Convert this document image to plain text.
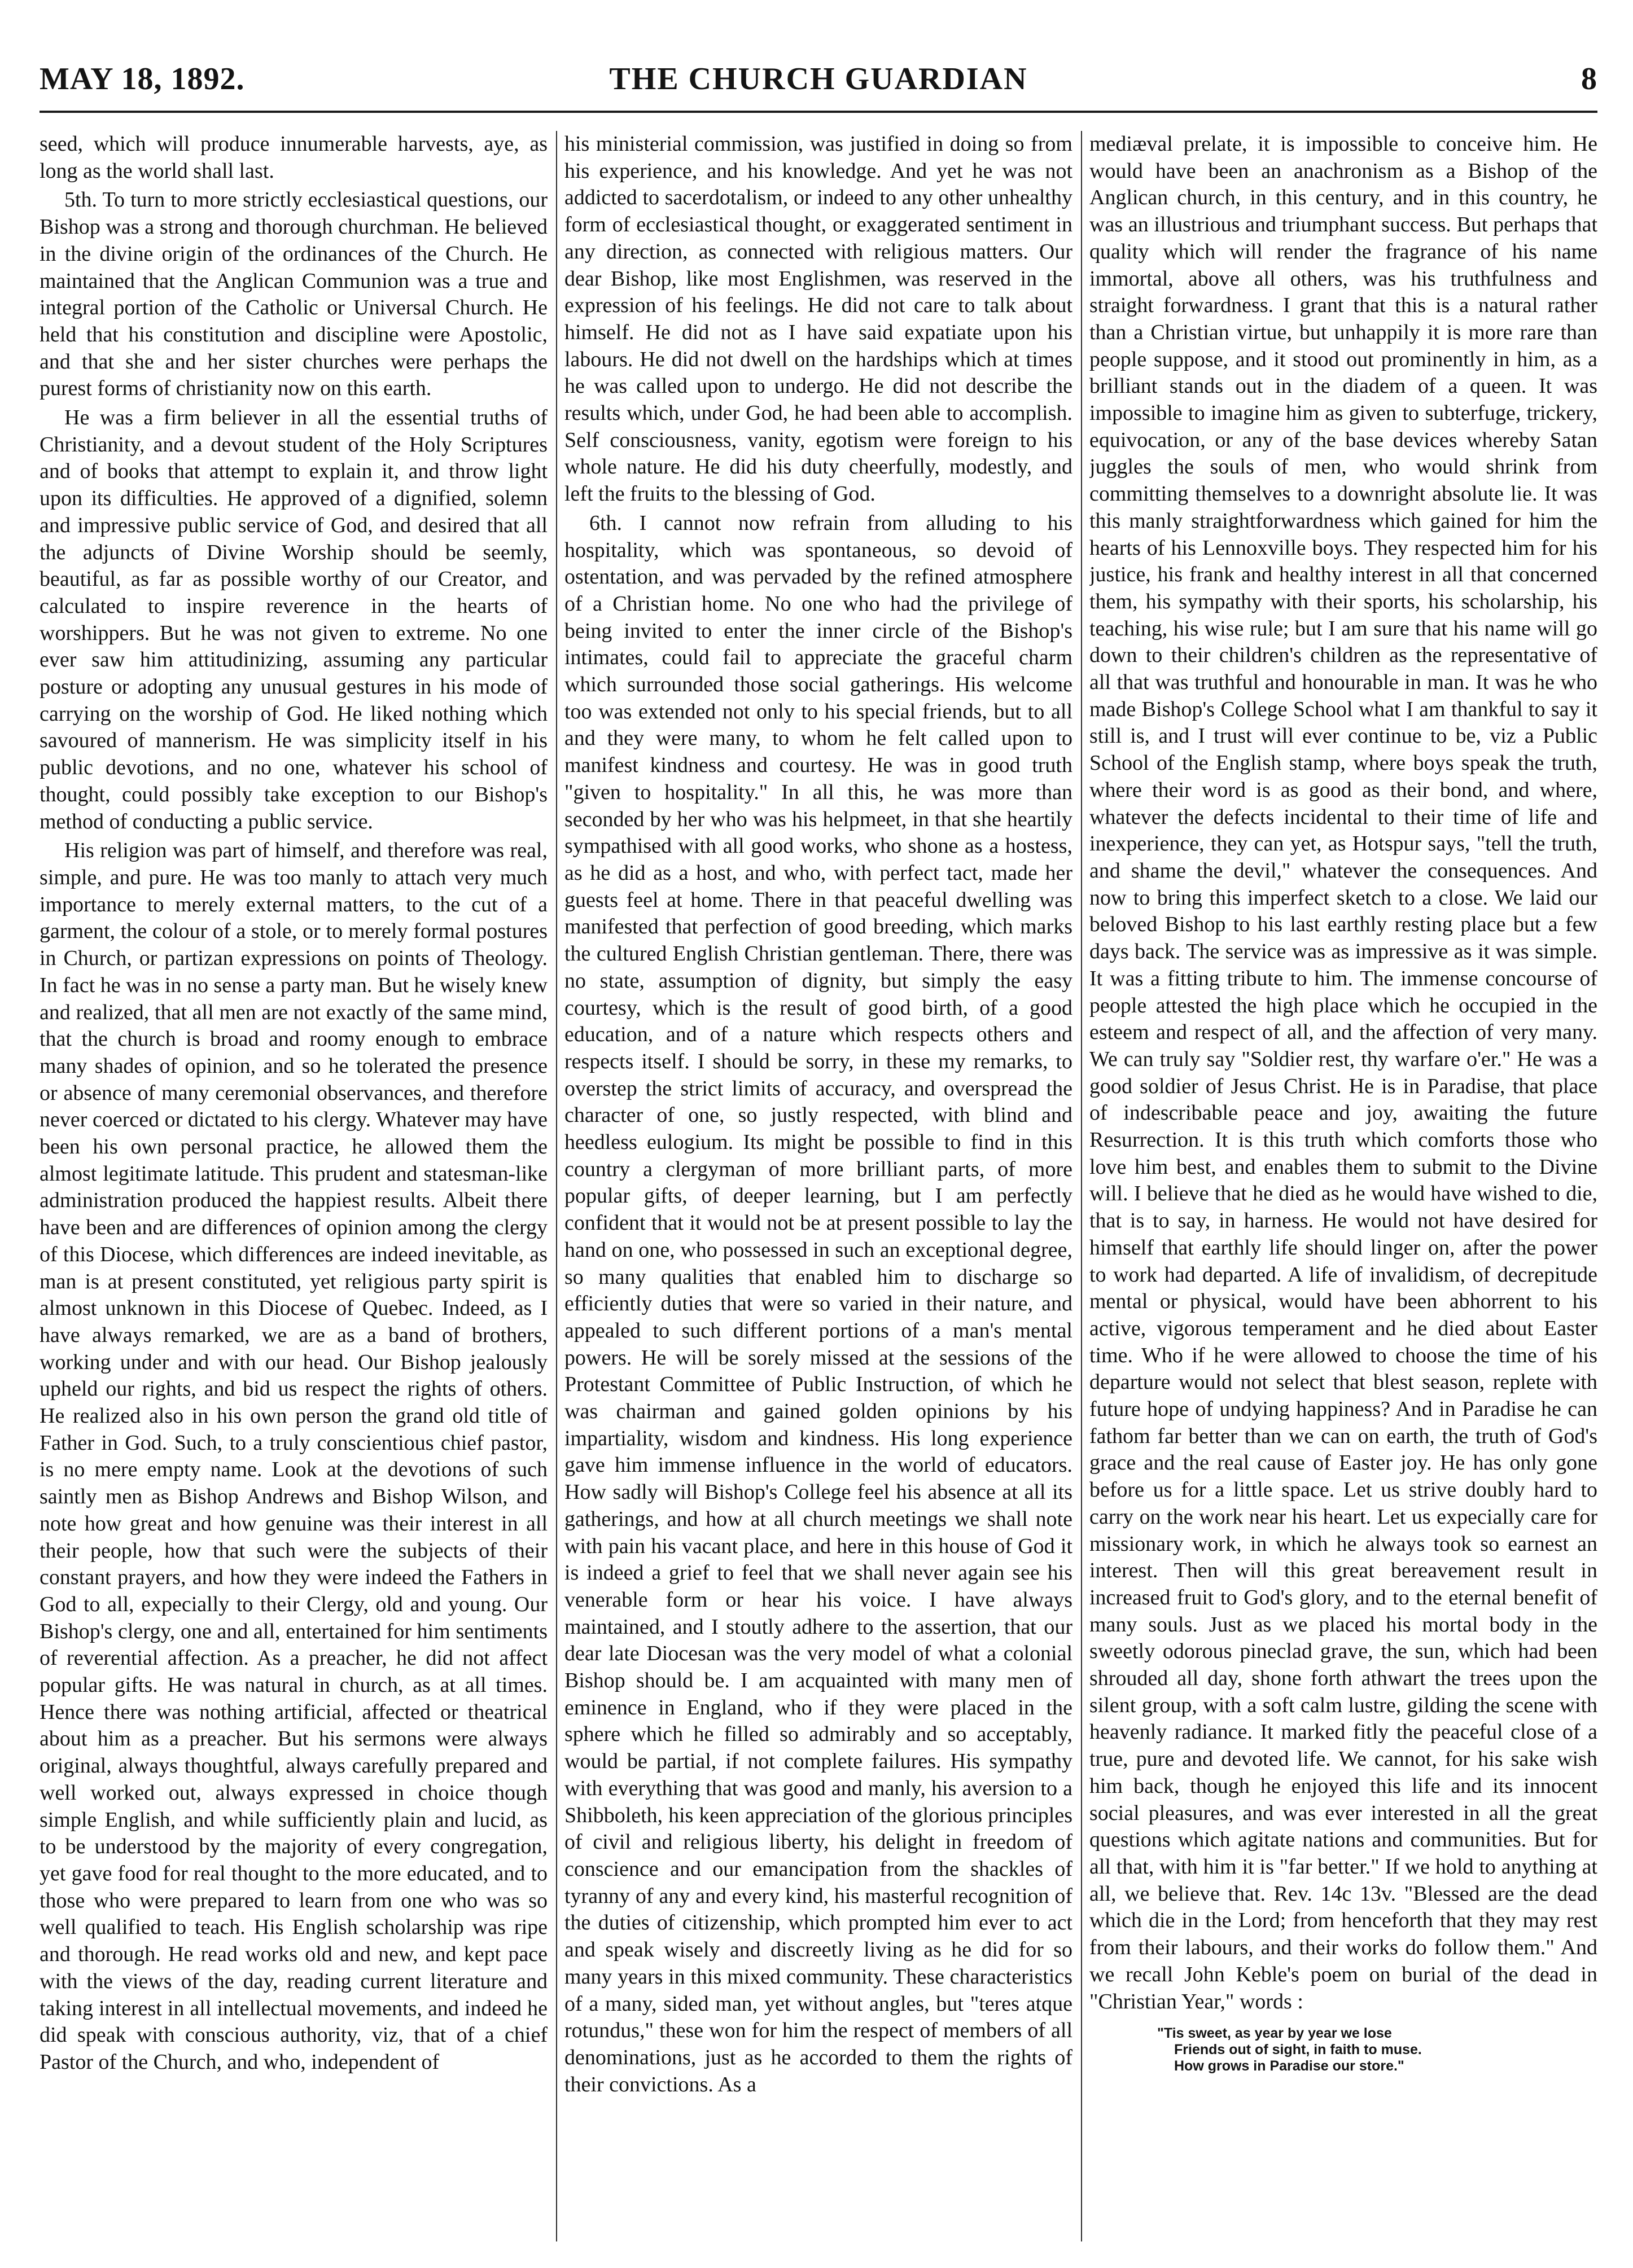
THE CHURCH GUARDIAN
MAY 18, 1892.	8

seed, which will produce innumerable harvests, aye, as long as the world shall last.

5th. To turn to more strictly ecclesiastical questions, our Bishop was a strong and thorough churchman. He believed in the divine origin of the ordinances of the Church. He maintained that the Anglican Communion was a true and integral portion of the Catholic or Universal Church. He held that his constitution and discipline were Apostolic, and that she and her sister churches were perhaps the purest forms of christianity now on this earth.

He was a firm believer in all the essential truths of Christianity, and a devout student of the Holy Scriptures and of books that attempt to explain it, and throw light upon its difficulties. He approved of a dignified, solemn and impressive public service of God, and desired that all the adjuncts of Divine Worship should be seemly, beautiful, as far as possible worthy of our Creator, and calculated to inspire reverence in the hearts of worshippers. But he was not given to extreme. No one ever saw him attitudinizing, assuming any particular posture or adopting any unusual gestures in his mode of carrying on the worship of God. He liked nothing which savoured of mannerism. He was simplicity itself in his public devotions, and no one, whatever his school of thought, could possibly take exception to our Bishop's method of conducting a public service.

His religion was part of himself, and therefore was real, simple, and pure. He was too manly to attach very much importance to merely external matters, to the cut of a garment, the colour of a stole, or to merely formal postures in Church, or partizan expressions on points of Theology. In fact he was in no sense a party man. But he wisely knew and realized, that all men are not exactly of the same mind, that the church is broad and roomy enough to embrace many shades of opinion, and so he tolerated the presence or absence of many ceremonial observances, and therefore never coerced or dictated to his clergy. Whatever may have been his own personal practice, he allowed them the almost legitimate latitude. This prudent and statesman-like administration produced the happiest results. Albeit there have been and are differences of opinion among the clergy of this Diocese, which differences are indeed inevitable, as man is at present constituted, yet religious party spirit is almost unknown in this Diocese of Quebec. Indeed, as I have always remarked, we are as a band of brothers, working under and with our head. Our Bishop jealously upheld our rights, and bid us respect the rights of others. He realized also in his own person the grand old title of Father in God. Such, to a truly conscientious chief pastor, is no mere empty name. Look at the devotions of such saintly men as Bishop Andrews and Bishop Wilson, and note how great and how genuine was their interest in all their people, how that such were the subjects of their constant prayers, and how they were indeed the Fathers in God to all, expecially to their Clergy, old and young. Our Bishop's clergy, one and all, entertained for him sentiments of reverential affection. As a preacher, he did not affect popular gifts. He was natural in church, as at all times. Hence there was nothing artificial, affected or theatrical about him as a preacher. But his sermons were always original, always thoughtful, always carefully prepared and well worked out, always expressed in choice though simple English, and while sufficiently plain and lucid, as to be understood by the majority of every congregation, yet gave food for real thought to the more educated, and to those who were prepared to learn from one who was so well qualified to teach. His English scholarship was ripe and thorough. He read works old and new, and kept pace with the views of the day, reading current literature and taking interest in all intellectual movements, and indeed he did speak with conscious authority, viz, that of a chief Pastor of the Church, and who, independent of

his ministerial commission, was justified in doing so from his experience, and his knowledge. And yet he was not addicted to sacerdotalism, or indeed to any other unhealthy form of ecclesiastical thought, or exaggerated sentiment in any direction, as connected with religious matters. Our dear Bishop, like most Englishmen, was reserved in the expression of his feelings. He did not care to talk about himself. He did not as I have said expatiate upon his labours. He did not dwell on the hardships which at times he was called upon to undergo. He did not describe the results which, under God, he had been able to accomplish. Self consciousness, vanity, egotism were foreign to his whole nature. He did his duty cheerfully, modestly, and left the fruits to the blessing of God.

6th. I cannot now refrain from alluding to his hospitality, which was spontaneous, so devoid of ostentation, and was pervaded by the refined atmosphere of a Christian home. No one who had the privilege of being invited to enter the inner circle of the Bishop's intimates, could fail to appreciate the graceful charm which surrounded those social gatherings. His welcome too was extended not only to his special friends, but to all and they were many, to whom he felt called upon to manifest kindness and courtesy. He was in good truth "given to hospitality." In all this, he was more than seconded by her who was his helpmeet, in that she heartily sympathised with all good works, who shone as a hostess, as he did as a host, and who, with perfect tact, made her guests feel at home. There in that peaceful dwelling was manifested that perfection of good breeding, which marks the cultured English Christian gentleman. There, there was no state, assumption of dignity, but simply the easy courtesy, which is the result of good birth, of a good education, and of a nature which respects others and respects itself. I should be sorry, in these my remarks, to overstep the strict limits of accuracy, and overspread the character of one, so justly respected, with blind and heedless eulogium. Its might be possible to find in this country a clergyman of more brilliant parts, of more popular gifts, of deeper learning, but I am perfectly confident that it would not be at present possible to lay the hand on one, who possessed in such an exceptional degree, so many qualities that enabled him to discharge so efficiently duties that were so varied in their nature, and appealed to such different portions of a man's mental powers. He will be sorely missed at the sessions of the Protestant Committee of Public Instruction, of which he was chairman and gained golden opinions by his impartiality, wisdom and kindness. His long experience gave him immense influence in the world of educators. How sadly will Bishop's College feel his absence at all its gatherings, and how at all church meetings we shall note with pain his vacant place, and here in this house of God it is indeed a grief to feel that we shall never again see his venerable form or hear his voice. I have always maintained, and I stoutly adhere to the assertion, that our dear late Diocesan was the very model of what a colonial Bishop should be. I am acquainted with many men of eminence in England, who if they were placed in the sphere which he filled so admirably and so acceptably, would be partial, if not complete failures. His sympathy with everything that was good and manly, his aversion to a Shibboleth, his keen appreciation of the glorious principles of civil and religious liberty, his delight in freedom of conscience and our emancipation from the shackles of tyranny of any and every kind, his masterful recognition of the duties of citizenship, which prompted him ever to act and speak wisely and discreetly living as he did for so many years in this mixed community. These characteristics of a many, sided man, yet without angles, but "teres atque rotundus," these won for him the respect of members of all denominations, just as he accorded to them the rights of their convictions. As a

mediæval prelate, it is impossible to conceive him. He would have been an anachronism as a Bishop of the Anglican church, in this century, and in this country, he was an illustrious and triumphant success. But perhaps that quality which will render the fragrance of his name immortal, above all others, was his truthfulness and straight forwardness. I grant that this is a natural rather than a Christian virtue, but unhappily it is more rare than people suppose, and it stood out prominently in him, as a brilliant stands out in the diadem of a queen. It was impossible to imagine him as given to subterfuge, trickery, equivocation, or any of the base devices whereby Satan juggles the souls of men, who would shrink from committing themselves to a downright absolute lie. It was this manly straightforwardness which gained for him the hearts of his Lennoxville boys. They respected him for his justice, his frank and healthy interest in all that concerned them, his sympathy with their sports, his scholarship, his teaching, his wise rule; but I am sure that his name will go down to their children's children as the representative of all that was truthful and honourable in man. It was he who made Bishop's College School what I am thankful to say it still is, and I trust will ever continue to be, viz a Public School of the English stamp, where boys speak the truth, where their word is as good as their bond, and where, whatever the defects incidental to their time of life and inexperience, they can yet, as Hotspur says, "tell the truth, and shame the devil," whatever the consequences. And now to bring this imperfect sketch to a close. We laid our beloved Bishop to his last earthly resting place but a few days back. The service was as impressive as it was simple. It was a fitting tribute to him. The immense concourse of people attested the high place which he occupied in the esteem and respect of all, and the affection of very many. We can truly say "Soldier rest, thy warfare o'er." He was a good soldier of Jesus Christ. He is in Paradise, that place of indescribable peace and joy, awaiting the future Resurrection. It is this truth which comforts those who love him best, and enables them to submit to the Divine will. I believe that he died as he would have wished to die, that is to say, in harness. He would not have desired for himself that earthly life should linger on, after the power to work had departed. A life of invalidism, of decrepitude mental or physical, would have been abhorrent to his active, vigorous temperament and he died about Easter time. Who if he were allowed to choose the time of his departure would not select that blest season, replete with future hope of undying happiness? And in Paradise he can fathom far better than we can on earth, the truth of God's grace and the real cause of Easter joy. He has only gone before us for a little space. Let us strive doubly hard to carry on the work near his heart. Let us expecially care for missionary work, in which he always took so earnest an interest. Then will this great bereavement result in increased fruit to God's glory, and to the eternal benefit of many souls. Just as we placed his mortal body in the sweetly odorous pineclad grave, the sun, which had been shrouded all day, shone forth athwart the trees upon the silent group, with a soft calm lustre, gilding the scene with heavenly radiance. It marked fitly the peaceful close of a true, pure and devoted life. We cannot, for his sake wish him back, though he enjoyed this life and its innocent social pleasures, and was ever interested in all the great questions which agitate nations and communities. But for all that, with him it is "far better." If we hold to anything at all, we believe that. Rev. 14c 13v. "Blessed are the dead which die in the Lord; from henceforth that they may rest from their labours, and their works do follow them." And we recall John Keble's poem on burial of the dead in "Christian Year," words :

"Tis sweet, as year by year we lose
Friends out of sight, in faith to muse.
How grows in Paradise our store."
